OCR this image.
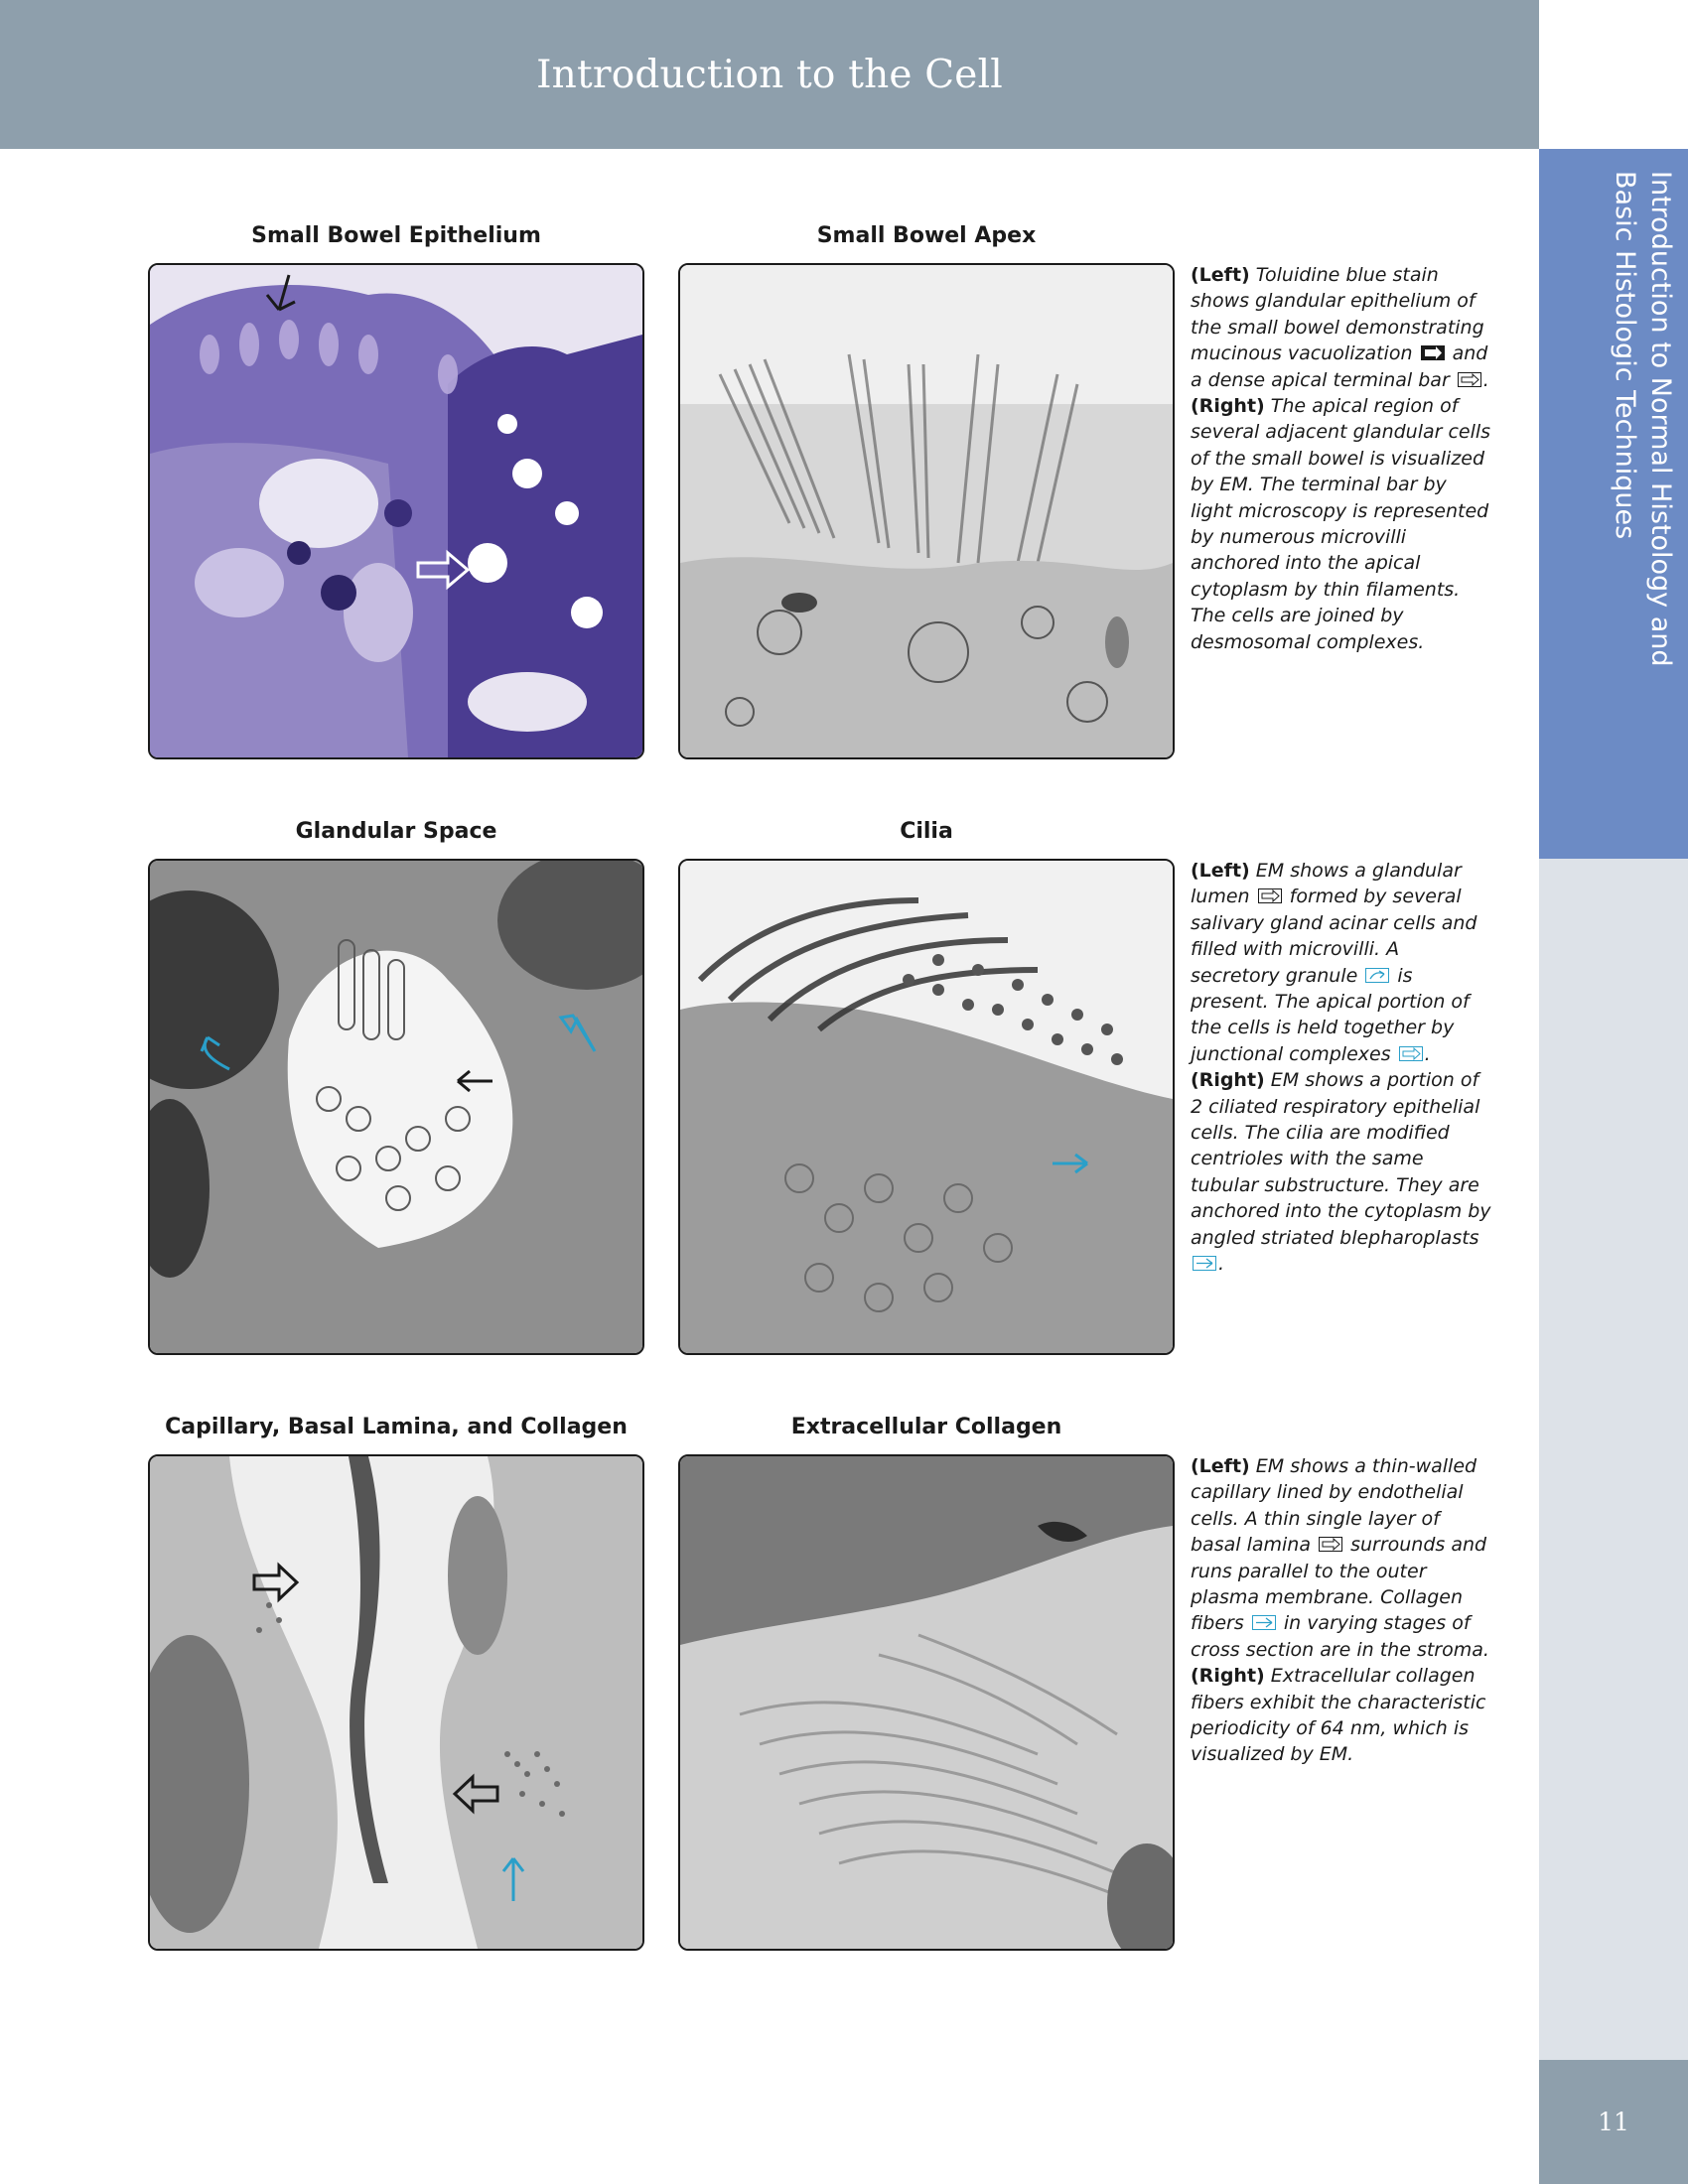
Introduction to the Cell
Introduction to Normal Histology and Basic Histologic Techniques
11
Small Bowel Epithelium	Small Bowel Apex
(Left) Toluidine blue stain shows glandular epithelium of the small bowel demonstrating mucinous vacuolization and a dense apical terminal bar . (Right) The apical region of several adjacent glandular cells of the small bowel is visualized by EM. The terminal bar by light microscopy is represented by numerous microvilli anchored into the apical cytoplasm by thin filaments. The cells are joined by desmosomal complexes.
Glandular Space	Cilia
(Left) EM shows a glandular lumen formed by several salivary gland acinar cells and filled with microvilli. A secretory granule is present. The apical portion of the cells is held together by junctional complexes . (Right) EM shows a portion of 2 ciliated respiratory epithelial cells. The cilia are modified centrioles with the same tubular substructure. They are anchored into the cytoplasm by angled striated blepharoplasts .
Capillary, Basal Lamina, and Collagen	Extracellular Collagen
(Left) EM shows a thin-walled capillary lined by endothelial cells. A thin single layer of basal lamina surrounds and runs parallel to the outer plasma membrane. Collagen fibers in varying stages of cross section are in the stroma. (Right) Extracellular collagen fibers exhibit the characteristic periodicity of 64 nm, which is visualized by EM.
